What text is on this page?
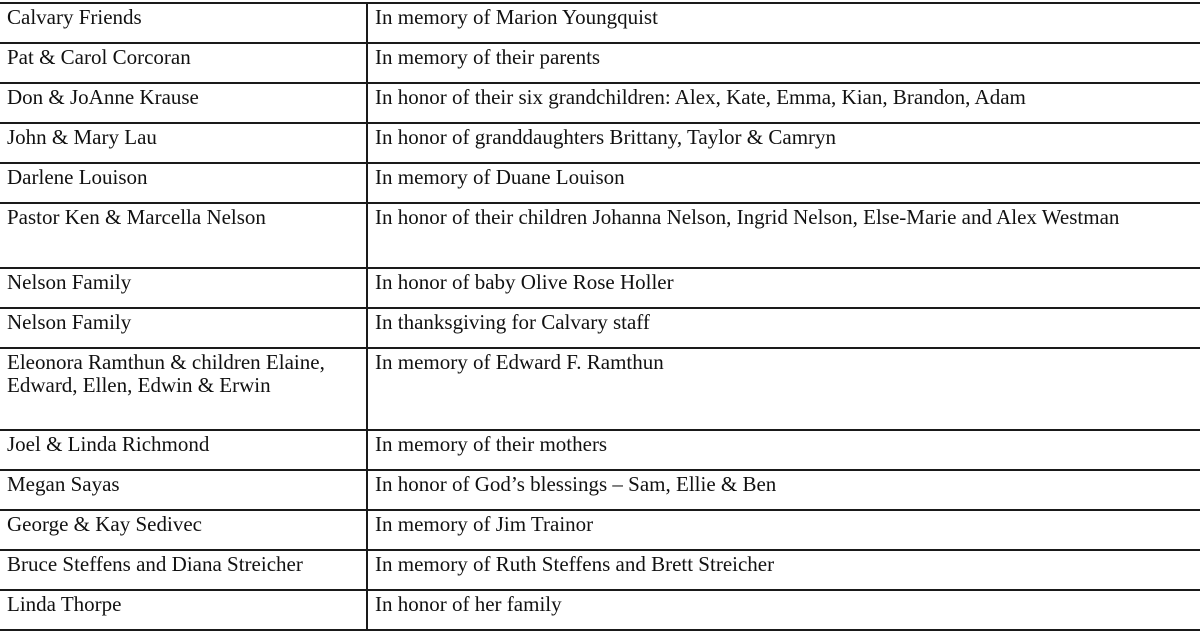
Calvary Friends	In memory of Marion Youngquist
Pat & Carol Corcoran	In memory of their parents
Don & JoAnne Krause	In honor of their six grandchildren: Alex, Kate, Emma, Kian, Brandon, Adam
John & Mary Lau	In honor of granddaughters Brittany, Taylor & Camryn
Darlene Louison	In memory of Duane Louison
Pastor Ken & Marcella Nelson	In honor of their children Johanna Nelson, Ingrid Nelson, Else-Marie and Alex Westman
Nelson Family	In honor of baby Olive Rose Holler
Nelson Family	In thanksgiving for Calvary staff
Eleonora Ramthun & children Elaine, Edward, Ellen, Edwin & Erwin	In memory of Edward F. Ramthun
Joel & Linda Richmond	In memory of their mothers
Megan Sayas	In honor of God’s blessings – Sam, Ellie & Ben
George & Kay Sedivec	In memory of Jim Trainor
Bruce Steffens and Diana Streicher	In memory of Ruth Steffens and Brett Streicher
Linda Thorpe	In honor of her family
